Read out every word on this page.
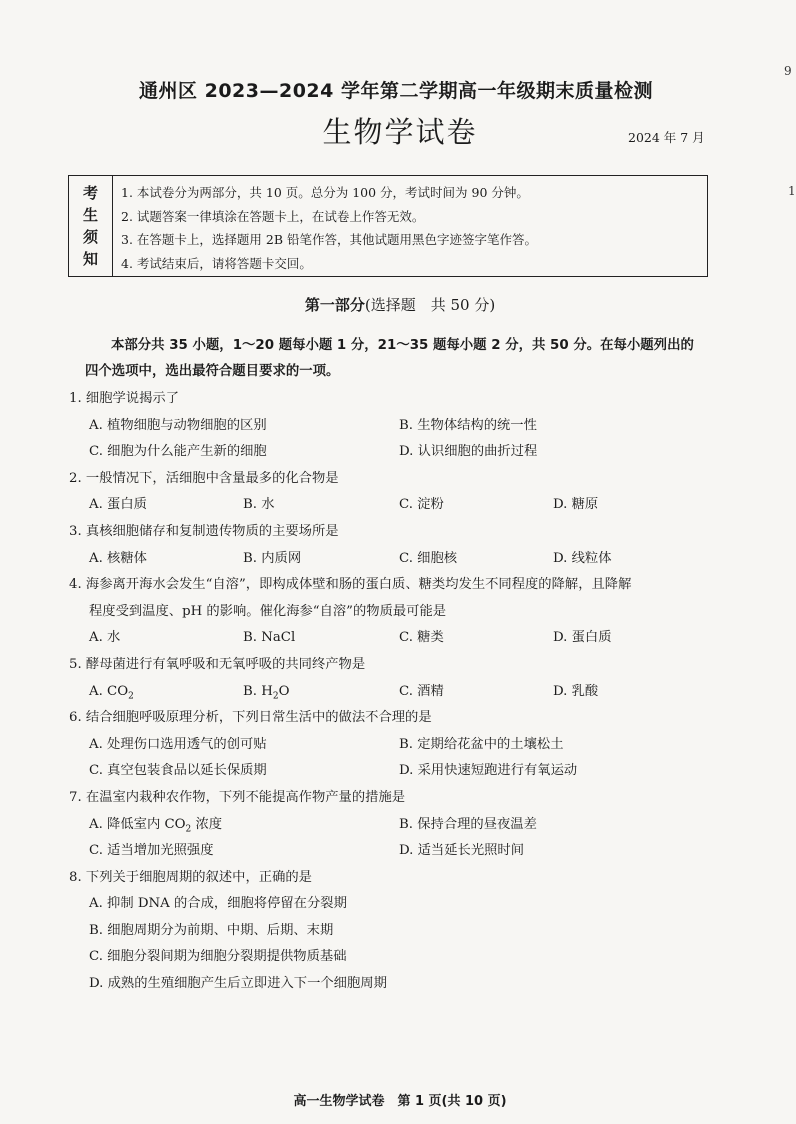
通州区 2023—2024 学年第二学期高一年级期末质量检测
生物学试卷	2024 年 7 月
9
1
考
生
须
知
1. 本试卷分为两部分，共 10 页。总分为 100 分，考试时间为 90 分钟。
2. 试题答案一律填涂在答题卡上，在试卷上作答无效。
3. 在答题卡上，选择题用 2B 铅笔作答，其他试题用黑色字迹签字笔作答。
4. 考试结束后，请将答题卡交回。
第一部分(选择题　共 50 分)
本部分共 35 小题，1～20 题每小题 1 分，21～35 题每小题 2 分，共 50 分。在每小题列出的
四个选项中，选出最符合题目要求的一项。
1. 细胞学说揭示了
A. 植物细胞与动物细胞的区别	B. 生物体结构的统一性
C. 细胞为什么能产生新的细胞	D. 认识细胞的曲折过程
2. 一般情况下，活细胞中含量最多的化合物是
A. 蛋白质	B. 水	C. 淀粉	D. 糖原
3. 真核细胞储存和复制遗传物质的主要场所是
A. 核糖体	B. 内质网	C. 细胞核	D. 线粒体
4. 海参离开海水会发生“自溶”，即构成体壁和肠的蛋白质、糖类均发生不同程度的降解，且降解
程度受到温度、pH 的影响。催化海参“自溶”的物质最可能是
A. 水	B. NaCl	C. 糖类	D. 蛋白质
5. 酵母菌进行有氧呼吸和无氧呼吸的共同终产物是
A. $CO_2$	B. $H_2O$	C. 酒精	D. 乳酸
6. 结合细胞呼吸原理分析，下列日常生活中的做法不合理的是
A. 处理伤口选用透气的创可贴	B. 定期给花盆中的土壤松土
C. 真空包装食品以延长保质期	D. 采用快速短跑进行有氧运动
7. 在温室内栽种农作物，下列不能提高作物产量的措施是
A. 降低室内 $CO_2$ 浓度	B. 保持合理的昼夜温差
C. 适当增加光照强度	D. 适当延长光照时间
8. 下列关于细胞周期的叙述中，正确的是
A. 抑制 DNA 的合成，细胞将停留在分裂期
B. 细胞周期分为前期、中期、后期、末期
C. 细胞分裂间期为细胞分裂期提供物质基础
D. 成熟的生殖细胞产生后立即进入下一个细胞周期
高一生物学试卷　第 1 页(共 10 页)
